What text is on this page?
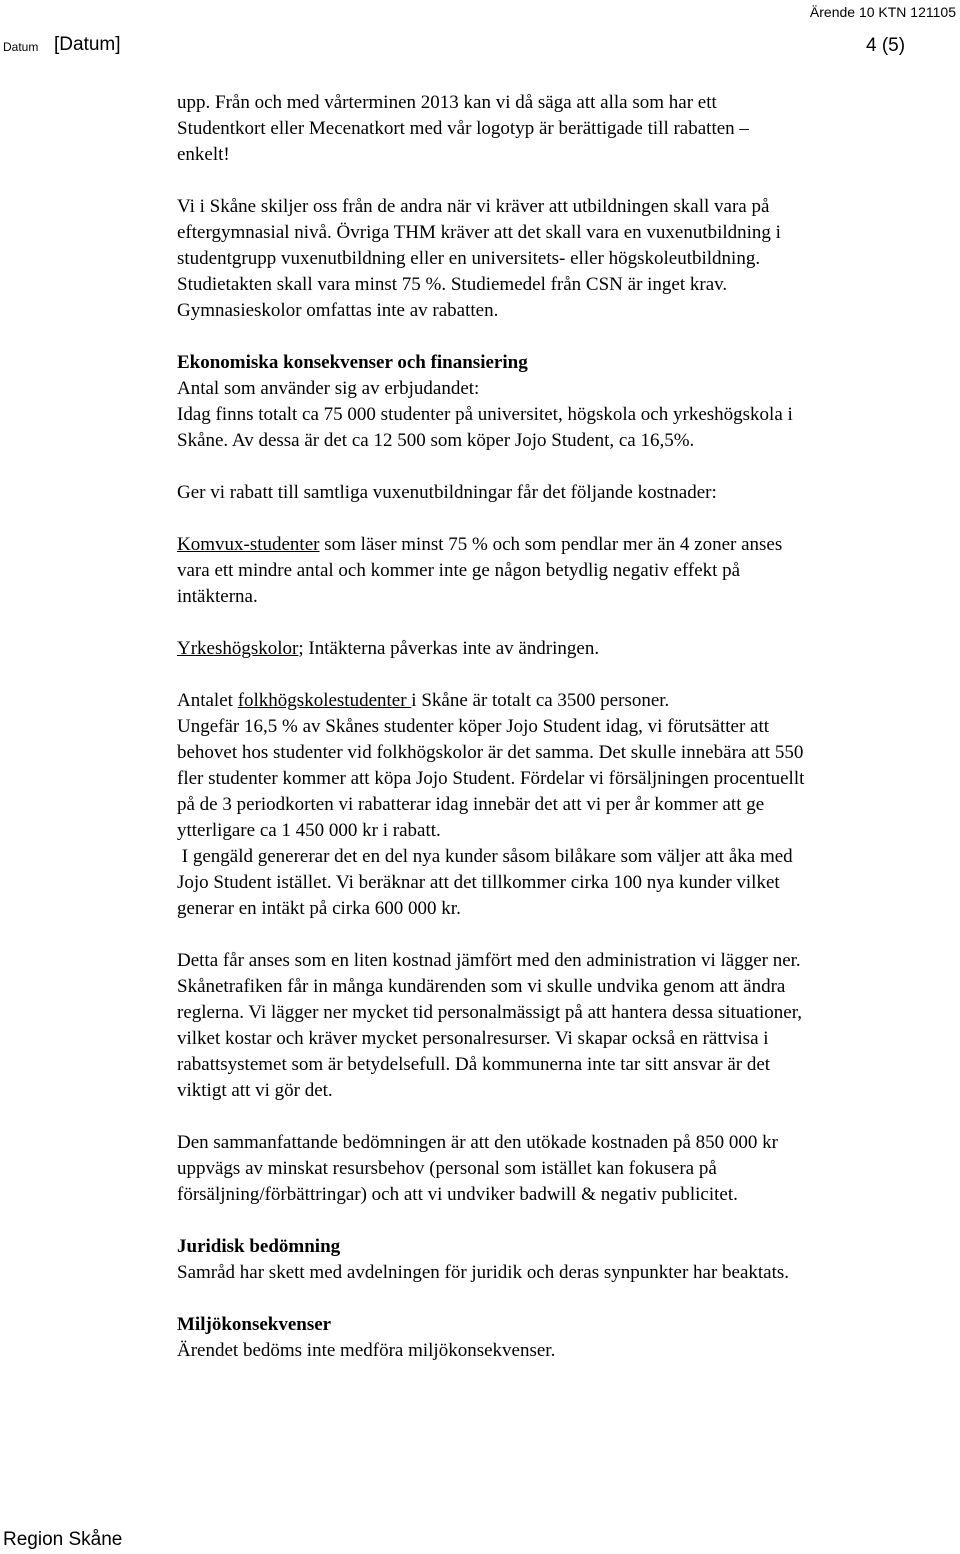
Ärende 10 KTN 121105
Datum [Datum]	4 (5)

upp. Från och med vårterminen 2013 kan vi då säga att alla som har ett

Studentkort eller Mecenatkort med vår logotyp är berättigade till rabatten –

enkelt!

Vi i Skåne skiljer oss från de andra när vi kräver att utbildningen skall vara på

eftergymnasial nivå. Övriga THM kräver att det skall vara en vuxenutbildning i

studentgrupp vuxenutbildning eller en universitets- eller högskoleutbildning.

Studietakten skall vara minst 75 %. Studiemedel från CSN är inget krav.

Gymnasieskolor omfattas inte av rabatten.

Ekonomiska konsekvenser och finansiering

Antal som använder sig av erbjudandet:

Idag finns totalt ca 75 000 studenter på universitet, högskola och yrkeshögskola i

Skåne. Av dessa är det ca 12 500 som köper Jojo Student, ca 16,5%.

Ger vi rabatt till samtliga vuxenutbildningar får det följande kostnader:

Komvux-studenter som läser minst 75 % och som pendlar mer än 4 zoner anses

vara ett mindre antal och kommer inte ge någon betydlig negativ effekt på

intäkterna.

Yrkeshögskolor; Intäkterna påverkas inte av ändringen.

Antalet folkhögskolestudenter i Skåne är totalt ca 3500 personer.

Ungefär 16,5 % av Skånes studenter köper Jojo Student idag, vi förutsätter att

behovet hos studenter vid folkhögskolor är det samma. Det skulle innebära att 550

fler studenter kommer att köpa Jojo Student. Fördelar vi försäljningen procentuellt

på de 3 periodkorten vi rabatterar idag innebär det att vi per år kommer att ge

ytterligare ca 1 450 000 kr i rabatt.

I gengäld genererar det en del nya kunder såsom bilåkare som väljer att åka med

Jojo Student istället. Vi beräknar att det tillkommer cirka 100 nya kunder vilket

generar en intäkt på cirka 600 000 kr.

Detta får anses som en liten kostnad jämfört med den administration vi lägger ner.

Skånetrafiken får in många kundärenden som vi skulle undvika genom att ändra

reglerna. Vi lägger ner mycket tid personalmässigt på att hantera dessa situationer,

vilket kostar och kräver mycket personalresurser. Vi skapar också en rättvisa i

rabattsystemet som är betydelsefull. Då kommunerna inte tar sitt ansvar är det

viktigt att vi gör det.

Den sammanfattande bedömningen är att den utökade kostnaden på 850 000 kr

uppvägs av minskat resursbehov (personal som istället kan fokusera på

försäljning/förbättringar) och att vi undviker badwill & negativ publicitet.

Juridisk bedömning

Samråd har skett med avdelningen för juridik och deras synpunkter har beaktats.

Miljökonsekvenser

Ärendet bedöms inte medföra miljökonsekvenser.

Region Skåne
